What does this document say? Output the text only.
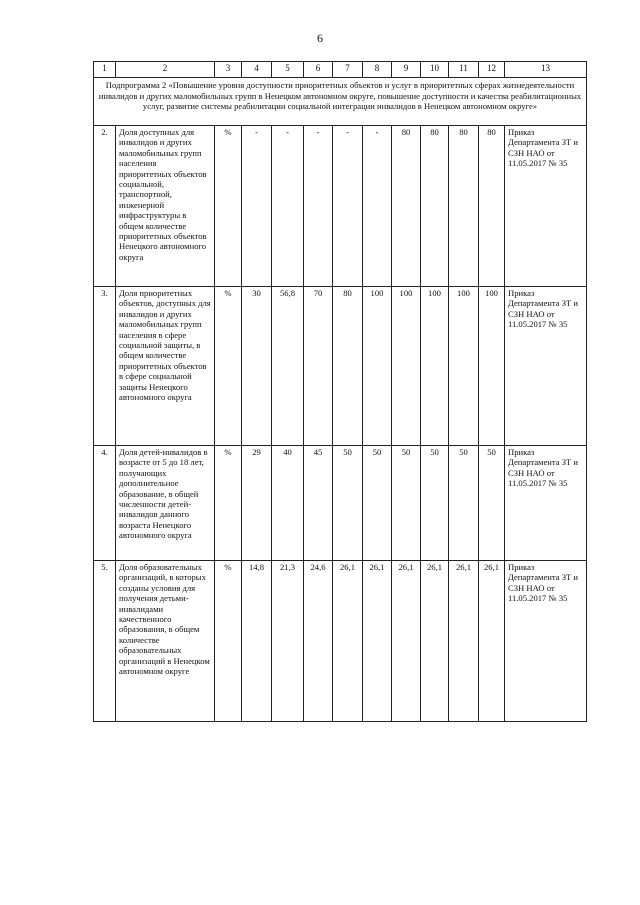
6
1	2	3	4	5	6	7	8	9	10	11	12	13
Подпрограмма 2 «Повышение уровня доступности приоритетных объектов и услуг в приоритетных сферах жизнедеятельности инвалидов и других маломобильных групп в Ненецком автономном округе, повышение доступности и качества реабилитационных услуг, развитие системы реабилитации социальной интеграции инвалидов в Ненецком автономном округе»												
2.	Доля доступных для инвалидов и других маломобильных групп населения приоритетных объектов социальной, транспортной, инженерной инфраструктуры в общем количестве приоритетных объектов Ненецкого автономного округа	%	-	-	-	-	-	80	80	80	80	Приказ Департамента ЗТ и СЗН НАО от 11.05.2017 № 35
3.	Доля приоритетных объектов, доступных для инвалидов и других маломобильных групп населения в сфере социальной защиты, в общем количестве приоритетных объектов в сфере социальной защиты Ненецкого автономного округа	%	30	56,8	70	80	100	100	100	100	100	Приказ Департамента ЗТ и СЗН НАО от 11.05.2017 № 35
4.	Доля детей-инвалидов в возрасте от 5 до 18 лет, получающих дополнительное образование, в общей численности детей-инвалидов данного возраста Ненецкого автономного округа	%	29	40	45	50	50	50	50	50	50	Приказ Департамента ЗТ и СЗН НАО от 11.05.2017 № 35
5.	Доля образовательных организаций, в которых созданы условия для получения детьми-инвалидами качественного образования, в общем количестве образовательных организаций в Ненецком автономном округе	%	14,8	21,3	24,6	26,1	26,1	26,1	26,1	26,1	26,1	Приказ Департамента ЗТ и СЗН НАО от 11.05.2017 № 35
